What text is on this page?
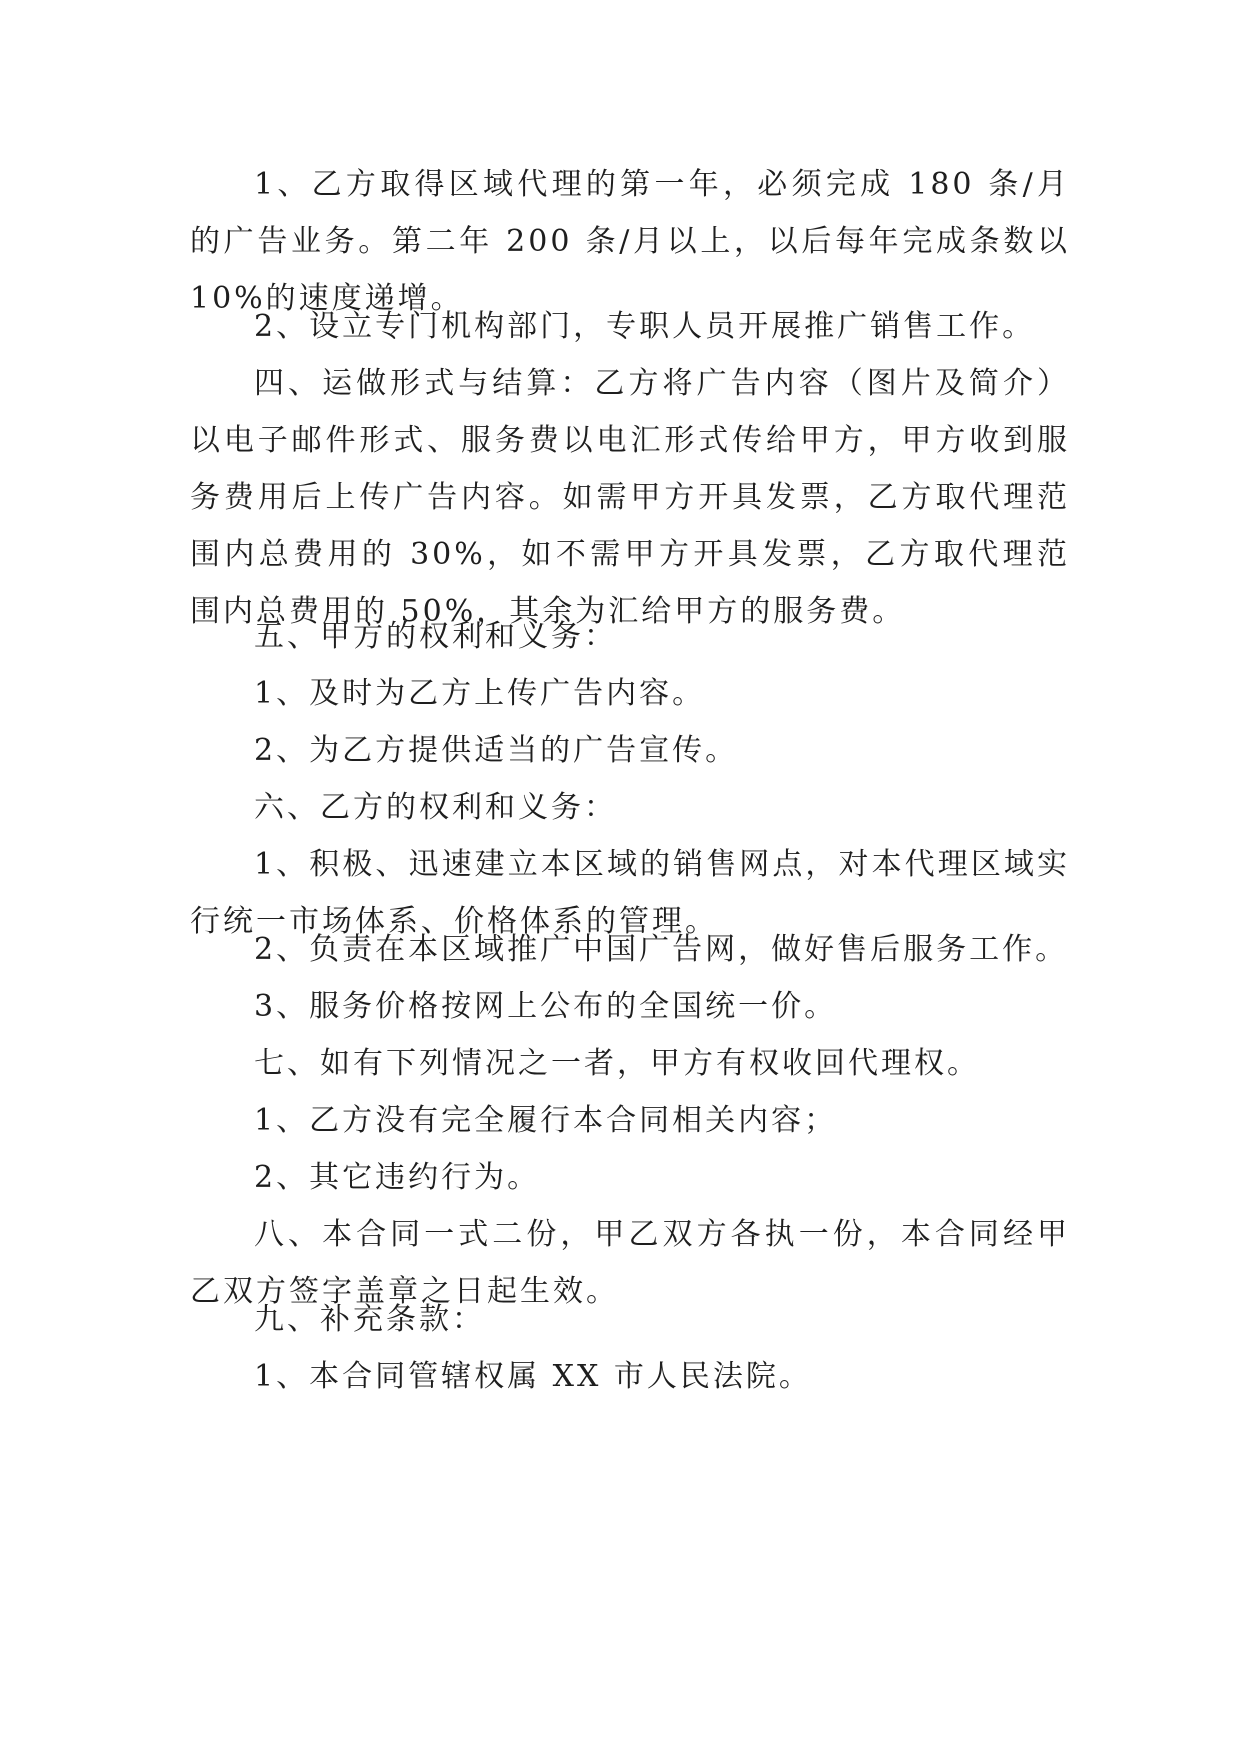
1、乙方取得区域代理的第一年，必须完成 180 条/月的广告业务。第二年 200 条/月以上，以后每年完成条数以 10%的速度递增。

2、设立专门机构部门，专职人员开展推广销售工作。

四、运做形式与结算：乙方将广告内容（图片及简介）以电子邮件形式、服务费以电汇形式传给甲方，甲方收到服务费用后上传广告内容。如需甲方开具发票，乙方取代理范围内总费用的 30%，如不需甲方开具发票，乙方取代理范围内总费用的 50%，其余为汇给甲方的服务费。

五、甲方的权利和义务：

1、及时为乙方上传广告内容。

2、为乙方提供适当的广告宣传。

六、乙方的权利和义务：

1、积极、迅速建立本区域的销售网点，对本代理区域实行统一市场体系、价格体系的管理。

2、负责在本区域推广中国广告网，做好售后服务工作。

3、服务价格按网上公布的全国统一价。

七、如有下列情况之一者，甲方有权收回代理权。

1、乙方没有完全履行本合同相关内容；

2、其它违约行为。

八、本合同一式二份，甲乙双方各执一份，本合同经甲乙双方签字盖章之日起生效。

九、补充条款：

1、本合同管辖权属 XX 市人民法院。
